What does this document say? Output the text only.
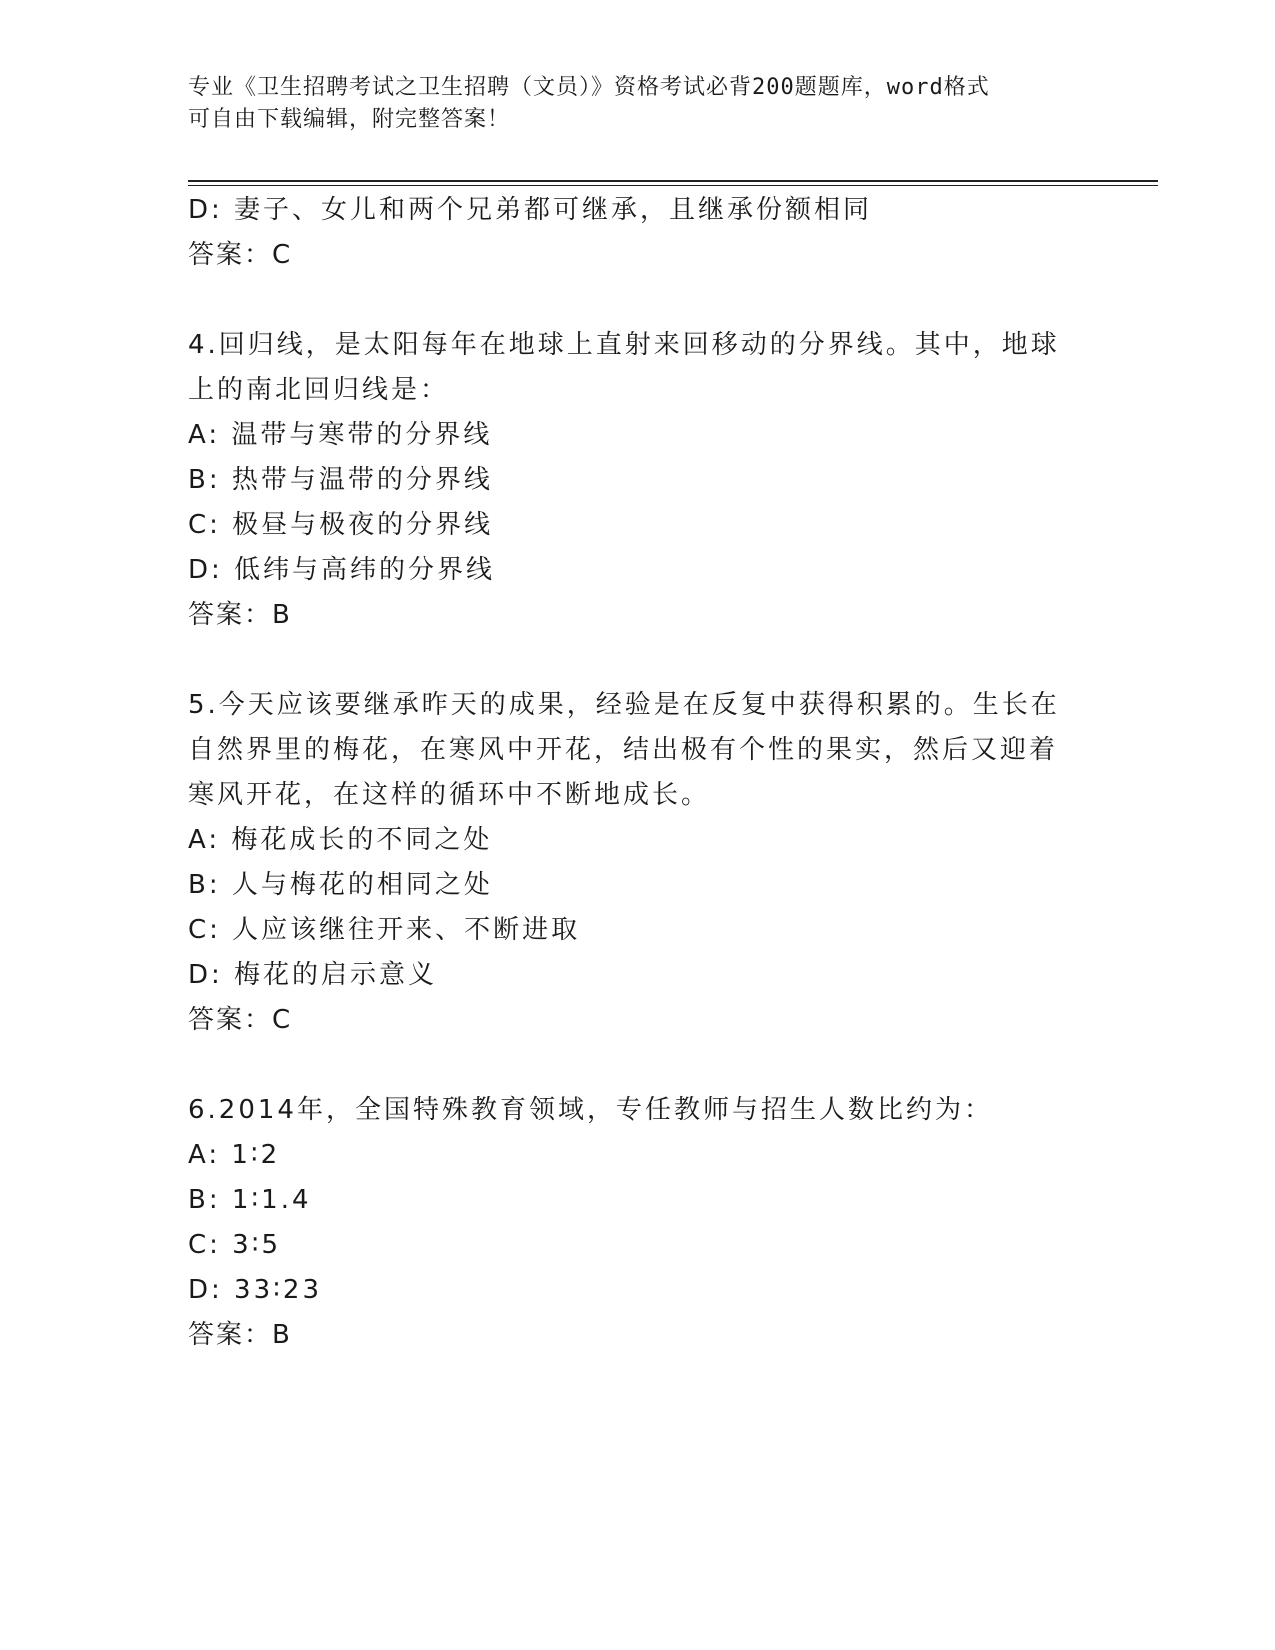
专业《卫生招聘考试之卫生招聘（文员）》资格考试必背200题题库，word格式
可自由下载编辑，附完整答案！
D: 妻子、女儿和两个兄弟都可继承，且继承份额相同
答案：C
4.回归线，是太阳每年在地球上直射来回移动的分界线。其中，地球
上的南北回归线是：
A: 温带与寒带的分界线
B: 热带与温带的分界线
C: 极昼与极夜的分界线
D: 低纬与高纬的分界线
答案：B
5.今天应该要继承昨天的成果，经验是在反复中获得积累的。生长在
自然界里的梅花，在寒风中开花，结出极有个性的果实，然后又迎着
寒风开花，在这样的循环中不断地成长。
A: 梅花成长的不同之处
B: 人与梅花的相同之处
C: 人应该继往开来、不断进取
D: 梅花的启示意义
答案：C
6.2014年，全国特殊教育领域，专任教师与招生人数比约为：
A: 1∶2
B: 1∶1.4
C: 3∶5
D: 33∶23
答案：B
